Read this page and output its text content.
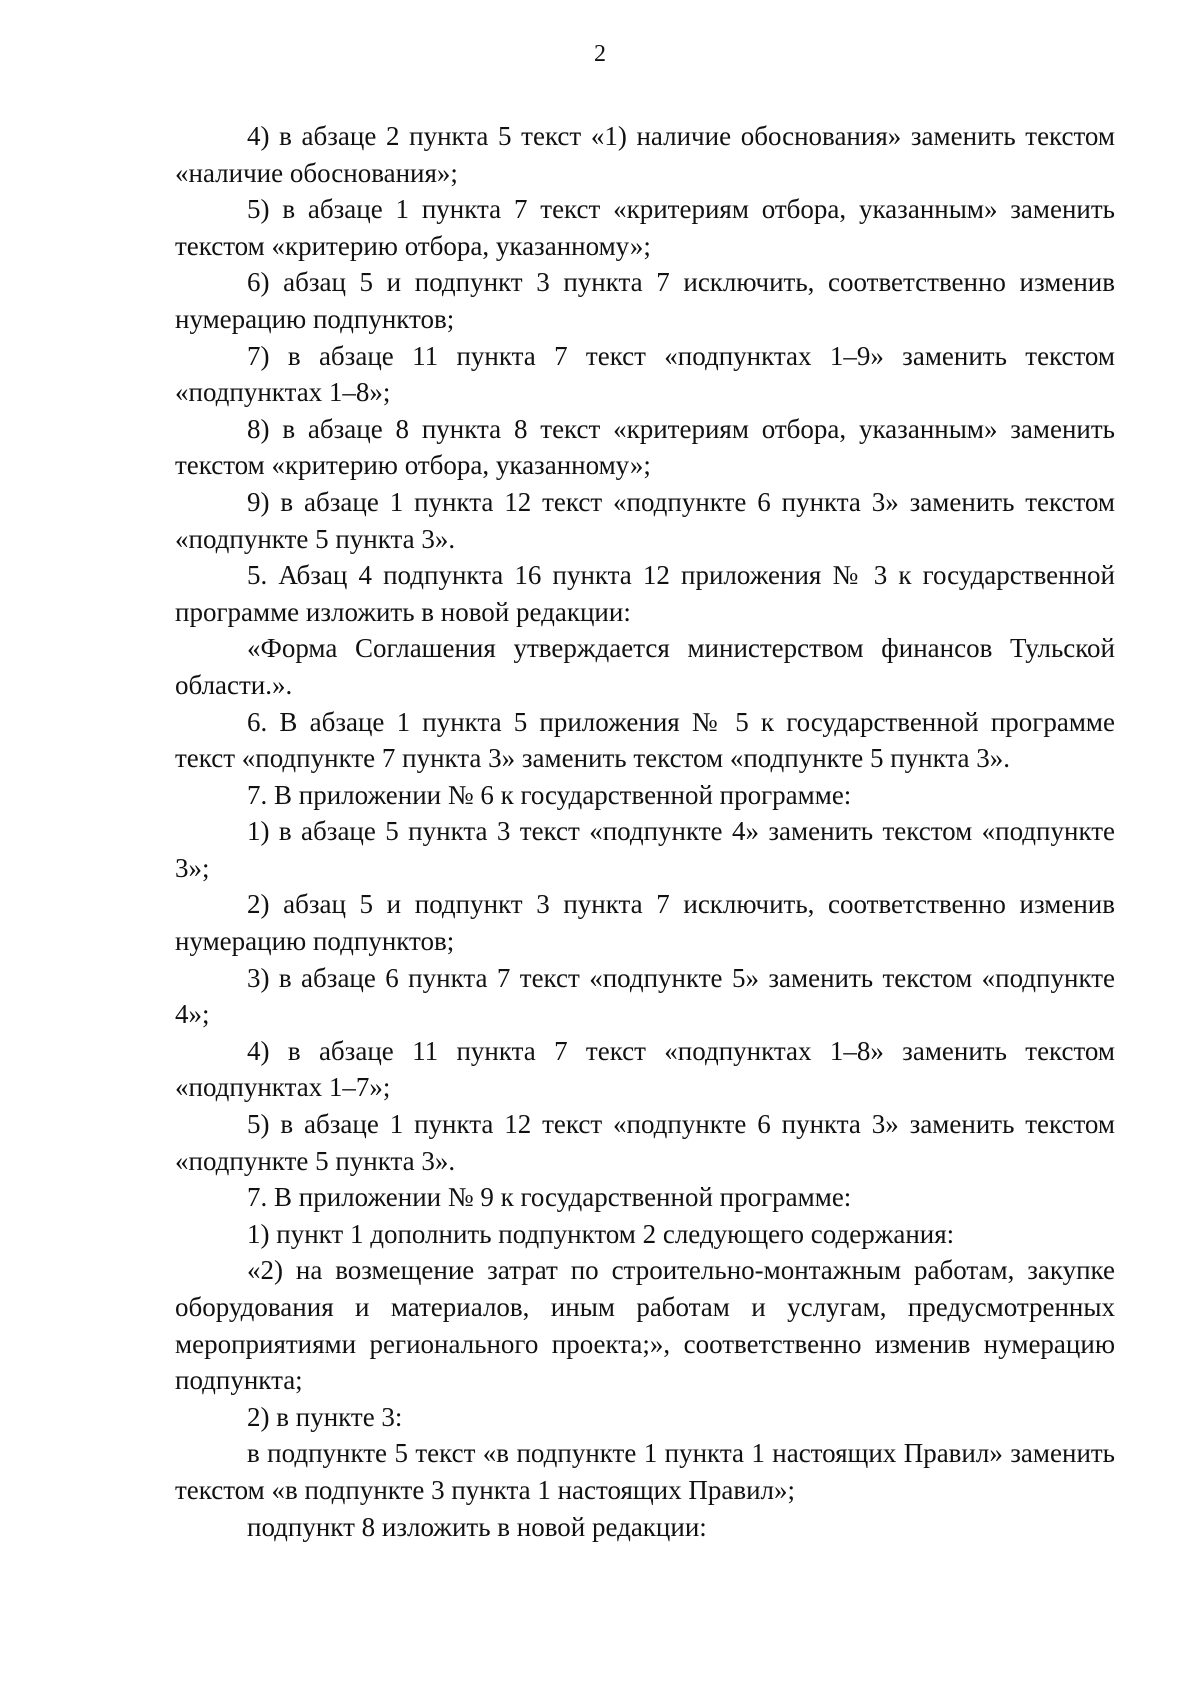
2

4) в абзаце 2 пункта 5 текст «1) наличие обоснования» заменить текстом «наличие обоснования»;

5) в абзаце 1 пункта 7 текст «критериям отбора, указанным» заменить текстом «критерию отбора, указанному»;

6) абзац 5 и подпункт 3 пункта 7 исключить, соответственно изменив нумерацию подпунктов;

7) в абзаце 11 пункта 7 текст «подпунктах 1–9» заменить текстом «подпунктах 1–8»;

8) в абзаце 8 пункта 8 текст «критериям отбора, указанным» заменить текстом «критерию отбора, указанному»;

9) в абзаце 1 пункта 12 текст «подпункте 6 пункта 3» заменить текстом «подпункте 5 пункта 3».

5. Абзац 4 подпункта 16 пункта 12 приложения № 3 к государственной программе изложить в новой редакции:

«Форма Соглашения утверждается министерством финансов Тульской области.».

6. В абзаце 1 пункта 5 приложения № 5 к государственной программе текст «подпункте 7 пункта 3» заменить текстом «подпункте 5 пункта 3».

7. В приложении № 6 к государственной программе:

1) в абзаце 5 пункта 3 текст «подпункте 4» заменить текстом «подпункте 3»;

2) абзац 5 и подпункт 3 пункта 7 исключить, соответственно изменив нумерацию подпунктов;

3) в абзаце 6 пункта 7 текст «подпункте 5» заменить текстом «подпункте 4»;

4) в абзаце 11 пункта 7 текст «подпунктах 1–8» заменить текстом «подпунктах 1–7»;

5) в абзаце 1 пункта 12 текст «подпункте 6 пункта 3» заменить текстом «подпункте 5 пункта 3».

7. В приложении № 9 к государственной программе:

1) пункт 1 дополнить подпунктом 2 следующего содержания:

«2) на возмещение затрат по строительно-монтажным работам, закупке оборудования и материалов, иным работам и услугам, предусмотренных мероприятиями регионального проекта;», соответственно изменив нумерацию подпункта;

2) в пункте 3:

в подпункте 5 текст «в подпункте 1 пункта 1 настоящих Правил» заменить текстом «в подпункте 3 пункта 1 настоящих Правил»;

подпункт 8 изложить в новой редакции:
